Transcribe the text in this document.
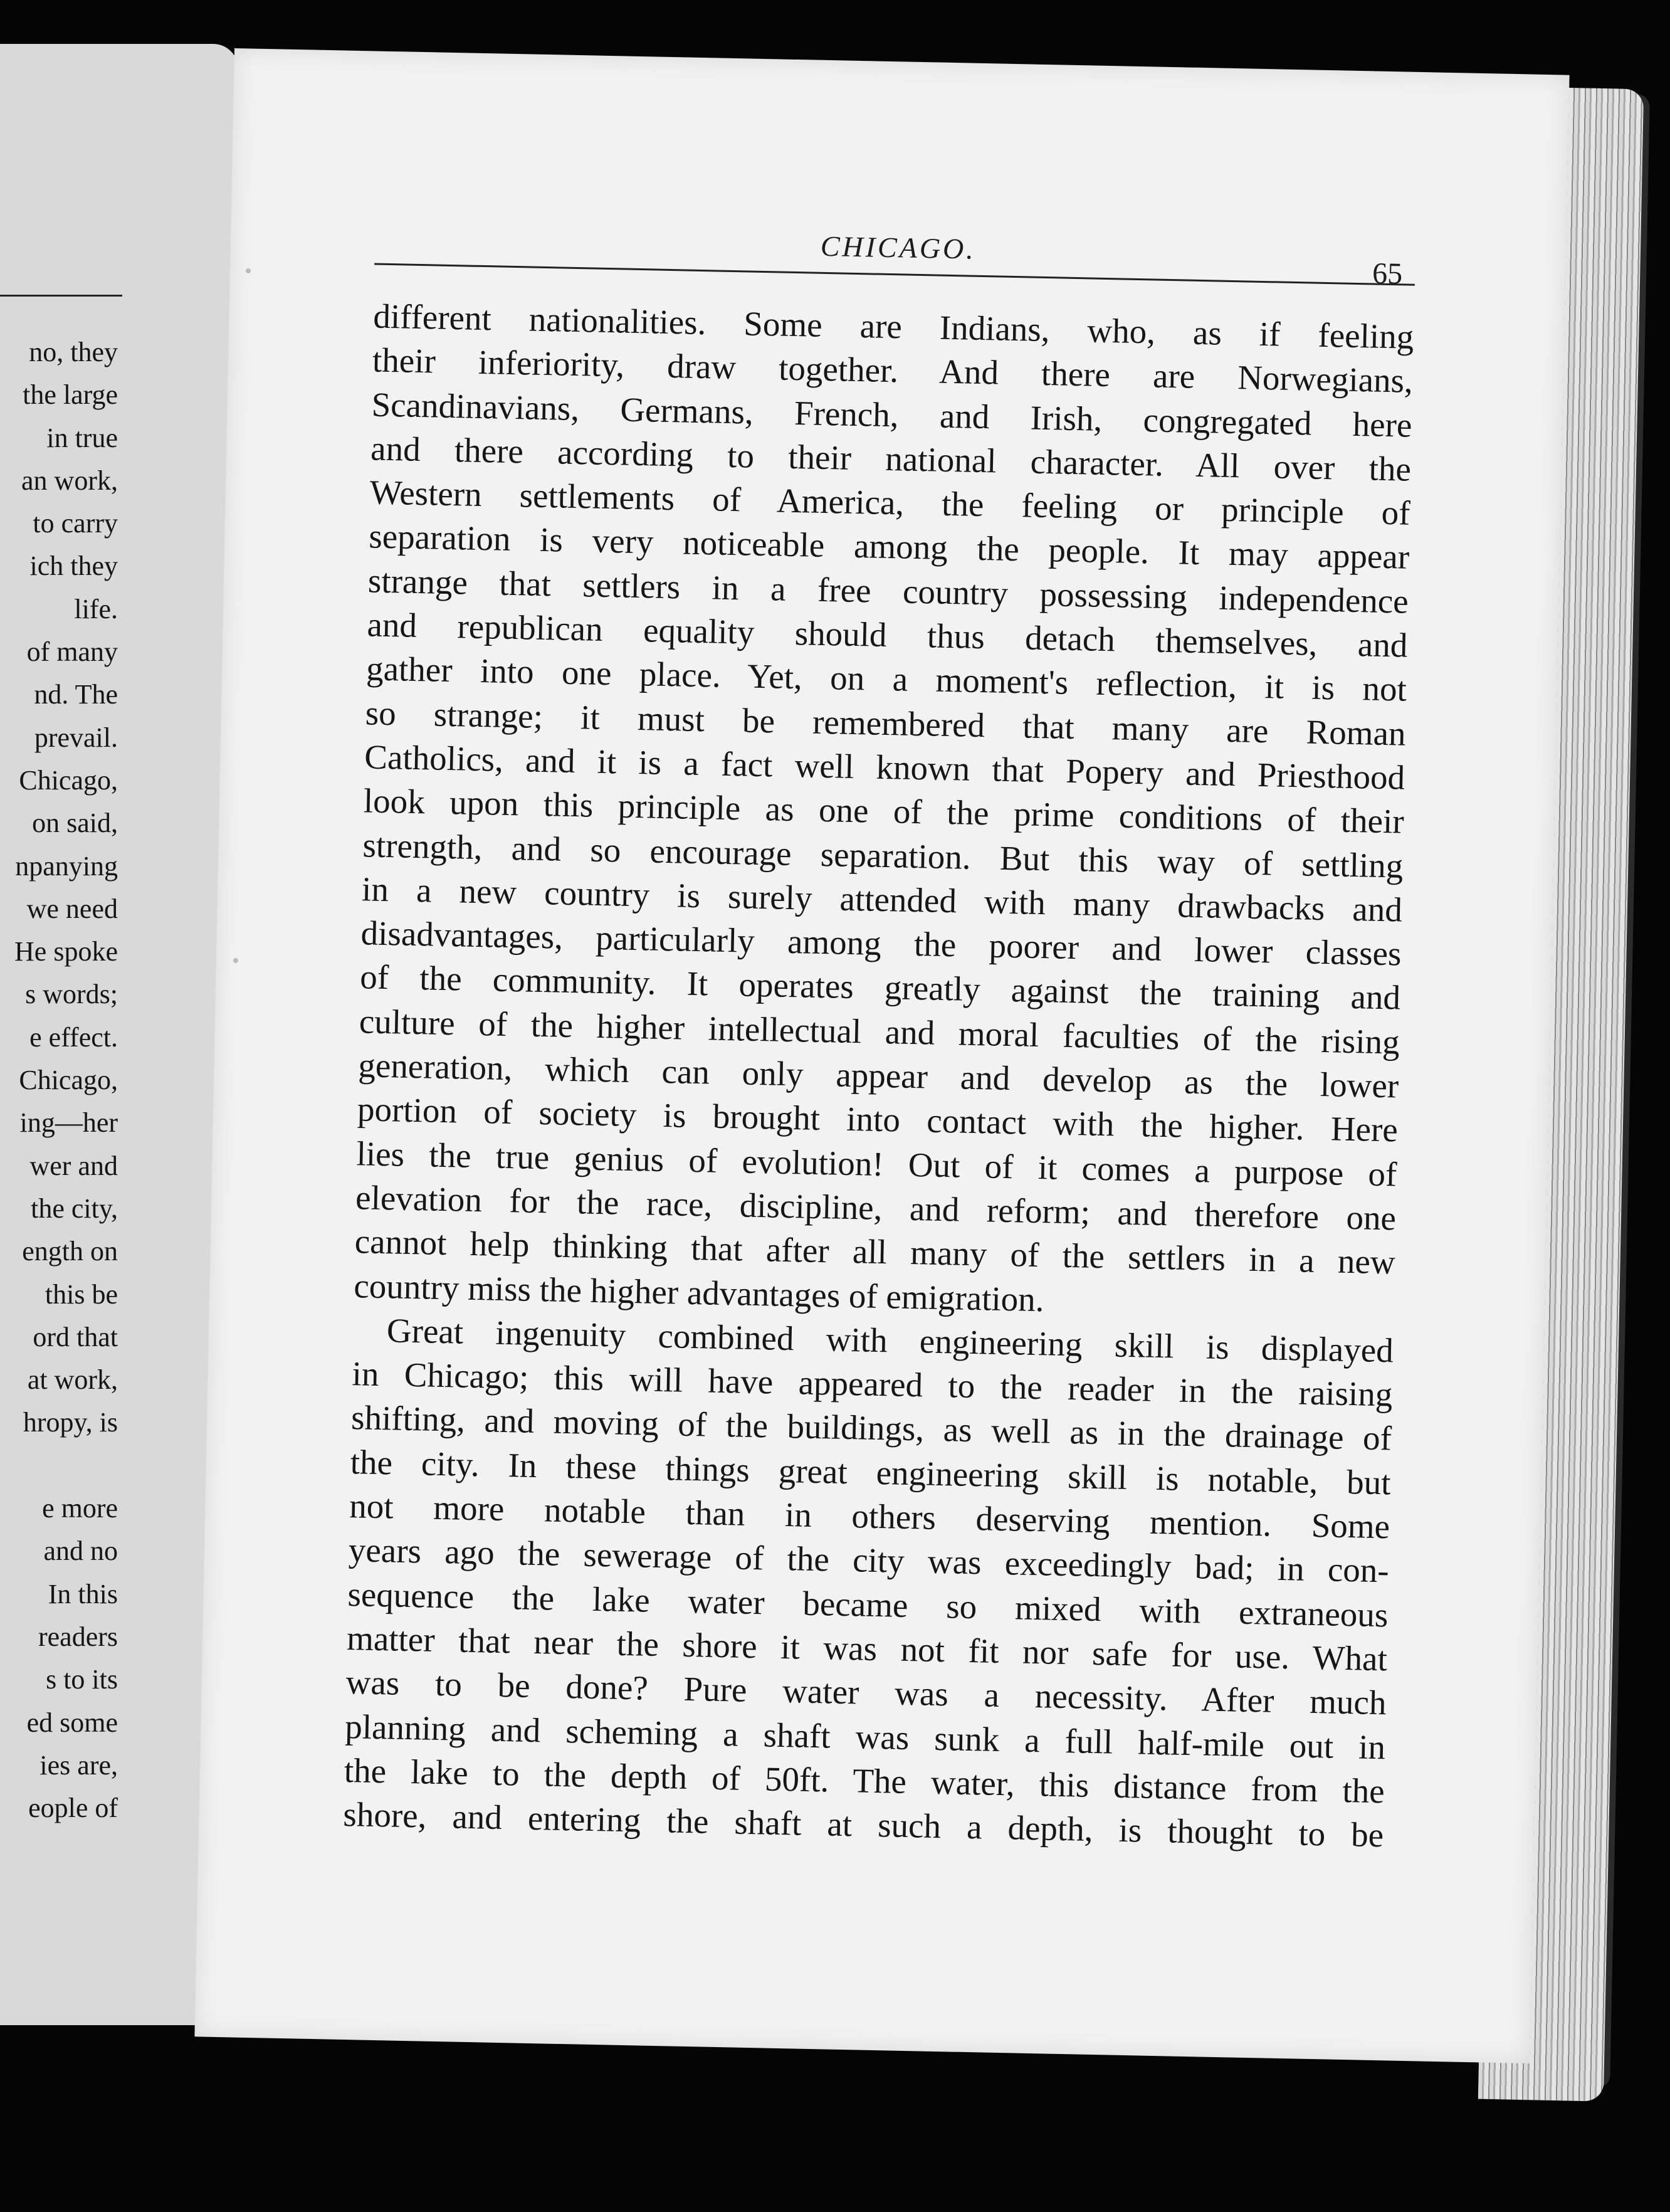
no, they
the large
in true
an work,
to carry
ich they
life.
of many
nd. The
prevail.
Chicago,
on said,
npanying
we need
He spoke
s words;
e effect.
Chicago,
ing—her
wer and
the city,
ength on
this be
ord that
at work,
hropy, is
e more
and no
In this
readers
s to its
ed some
ies are,
eople of
CHICAGO.
65
different nationalities. Some are Indians, who, as if feeling
their inferiority, draw together. And there are Norwegians,
Scandinavians, Germans, French, and Irish, congregated here
and there according to their national character. All over the
Western settlements of America, the feeling or principle of
separation is very noticeable among the people. It may appear
strange that settlers in a free country possessing independence
and republican equality should thus detach themselves, and
gather into one place. Yet, on a moment's reflection, it is not
so strange; it must be remembered that many are Roman
Catholics, and it is a fact well known that Popery and Priesthood
look upon this principle as one of the prime conditions of their
strength, and so encourage separation. But this way of settling
in a new country is surely attended with many drawbacks and
disadvantages, particularly among the poorer and lower classes
of the community. It operates greatly against the training and
culture of the higher intellectual and moral faculties of the rising
generation, which can only appear and develop as the lower
portion of society is brought into contact with the higher. Here
lies the true genius of evolution! Out of it comes a purpose of
elevation for the race, discipline, and reform; and therefore one
cannot help thinking that after all many of the settlers in a new
country miss the higher advantages of emigration.
Great ingenuity combined with engineering skill is displayed
in Chicago; this will have appeared to the reader in the raising
shifting, and moving of the buildings, as well as in the drainage of
the city. In these things great engineering skill is notable, but
not more notable than in others deserving mention. Some
years ago the sewerage of the city was exceedingly bad; in con-
sequence the lake water became so mixed with extraneous
matter that near the shore it was not fit nor safe for use. What
was to be done? Pure water was a necessity. After much
planning and scheming a shaft was sunk a full half-mile out in
the lake to the depth of 50ft. The water, this distance from the
shore, and entering the shaft at such a depth, is thought to be
